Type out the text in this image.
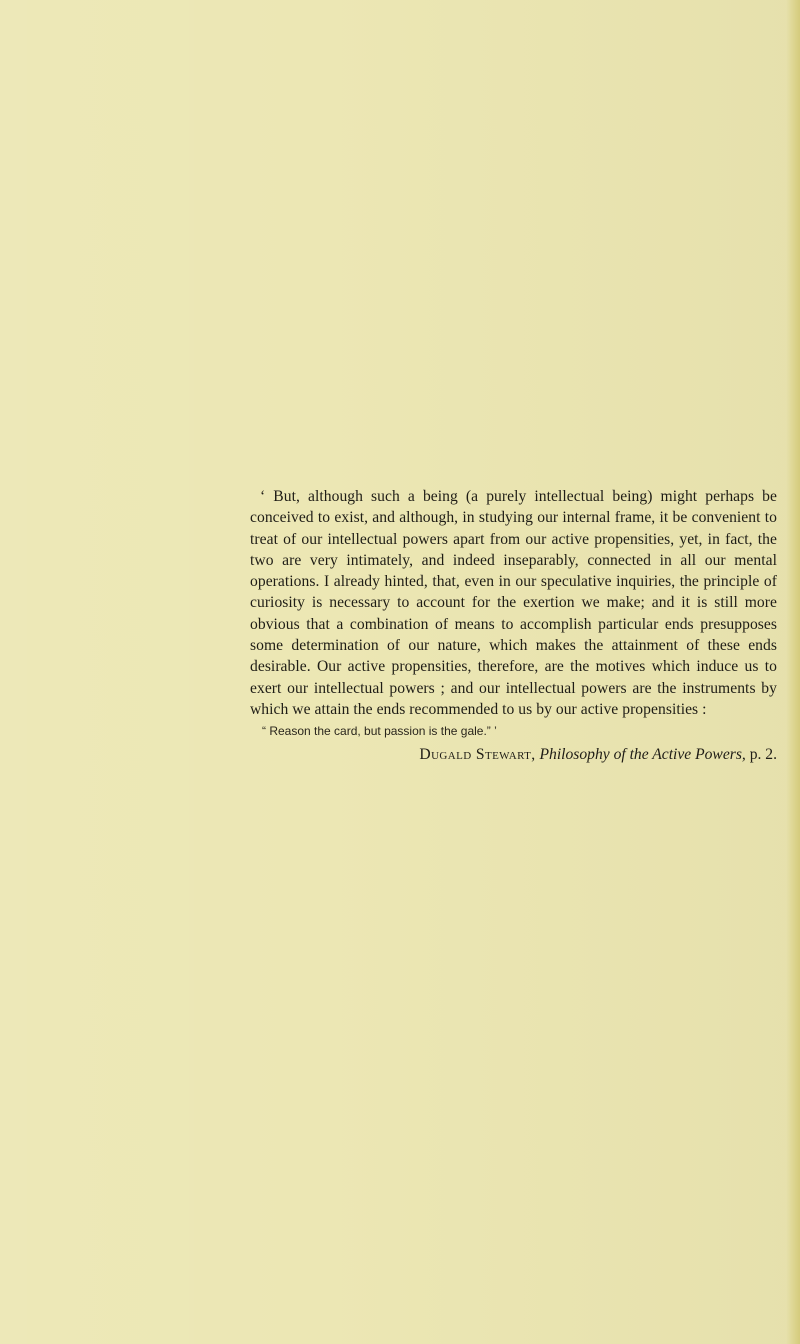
‘ But, although such a being (a purely intellectual being) might perhaps be conceived to exist, and although, in studying our internal frame, it be convenient to treat of our intellectual powers apart from our active propensities, yet, in fact, the two are very intimately, and indeed inseparably, connected in all our mental operations. I already hinted, that, even in our speculative inquiries, the principle of curiosity is necessary to account for the exertion we make; and it is still more obvious that a combination of means to accomplish particular ends presupposes some determination of our nature, which makes the attainment of these ends desirable. Our active propensities, therefore, are the motives which induce us to exert our intellectual powers ; and our intellectual powers are the instruments by which we attain the ends recommended to us by our active propensities :

“ Reason the card, but passion is the gale.” ’

Dugald Stewart, Philosophy of the Active Powers, p. 2.
